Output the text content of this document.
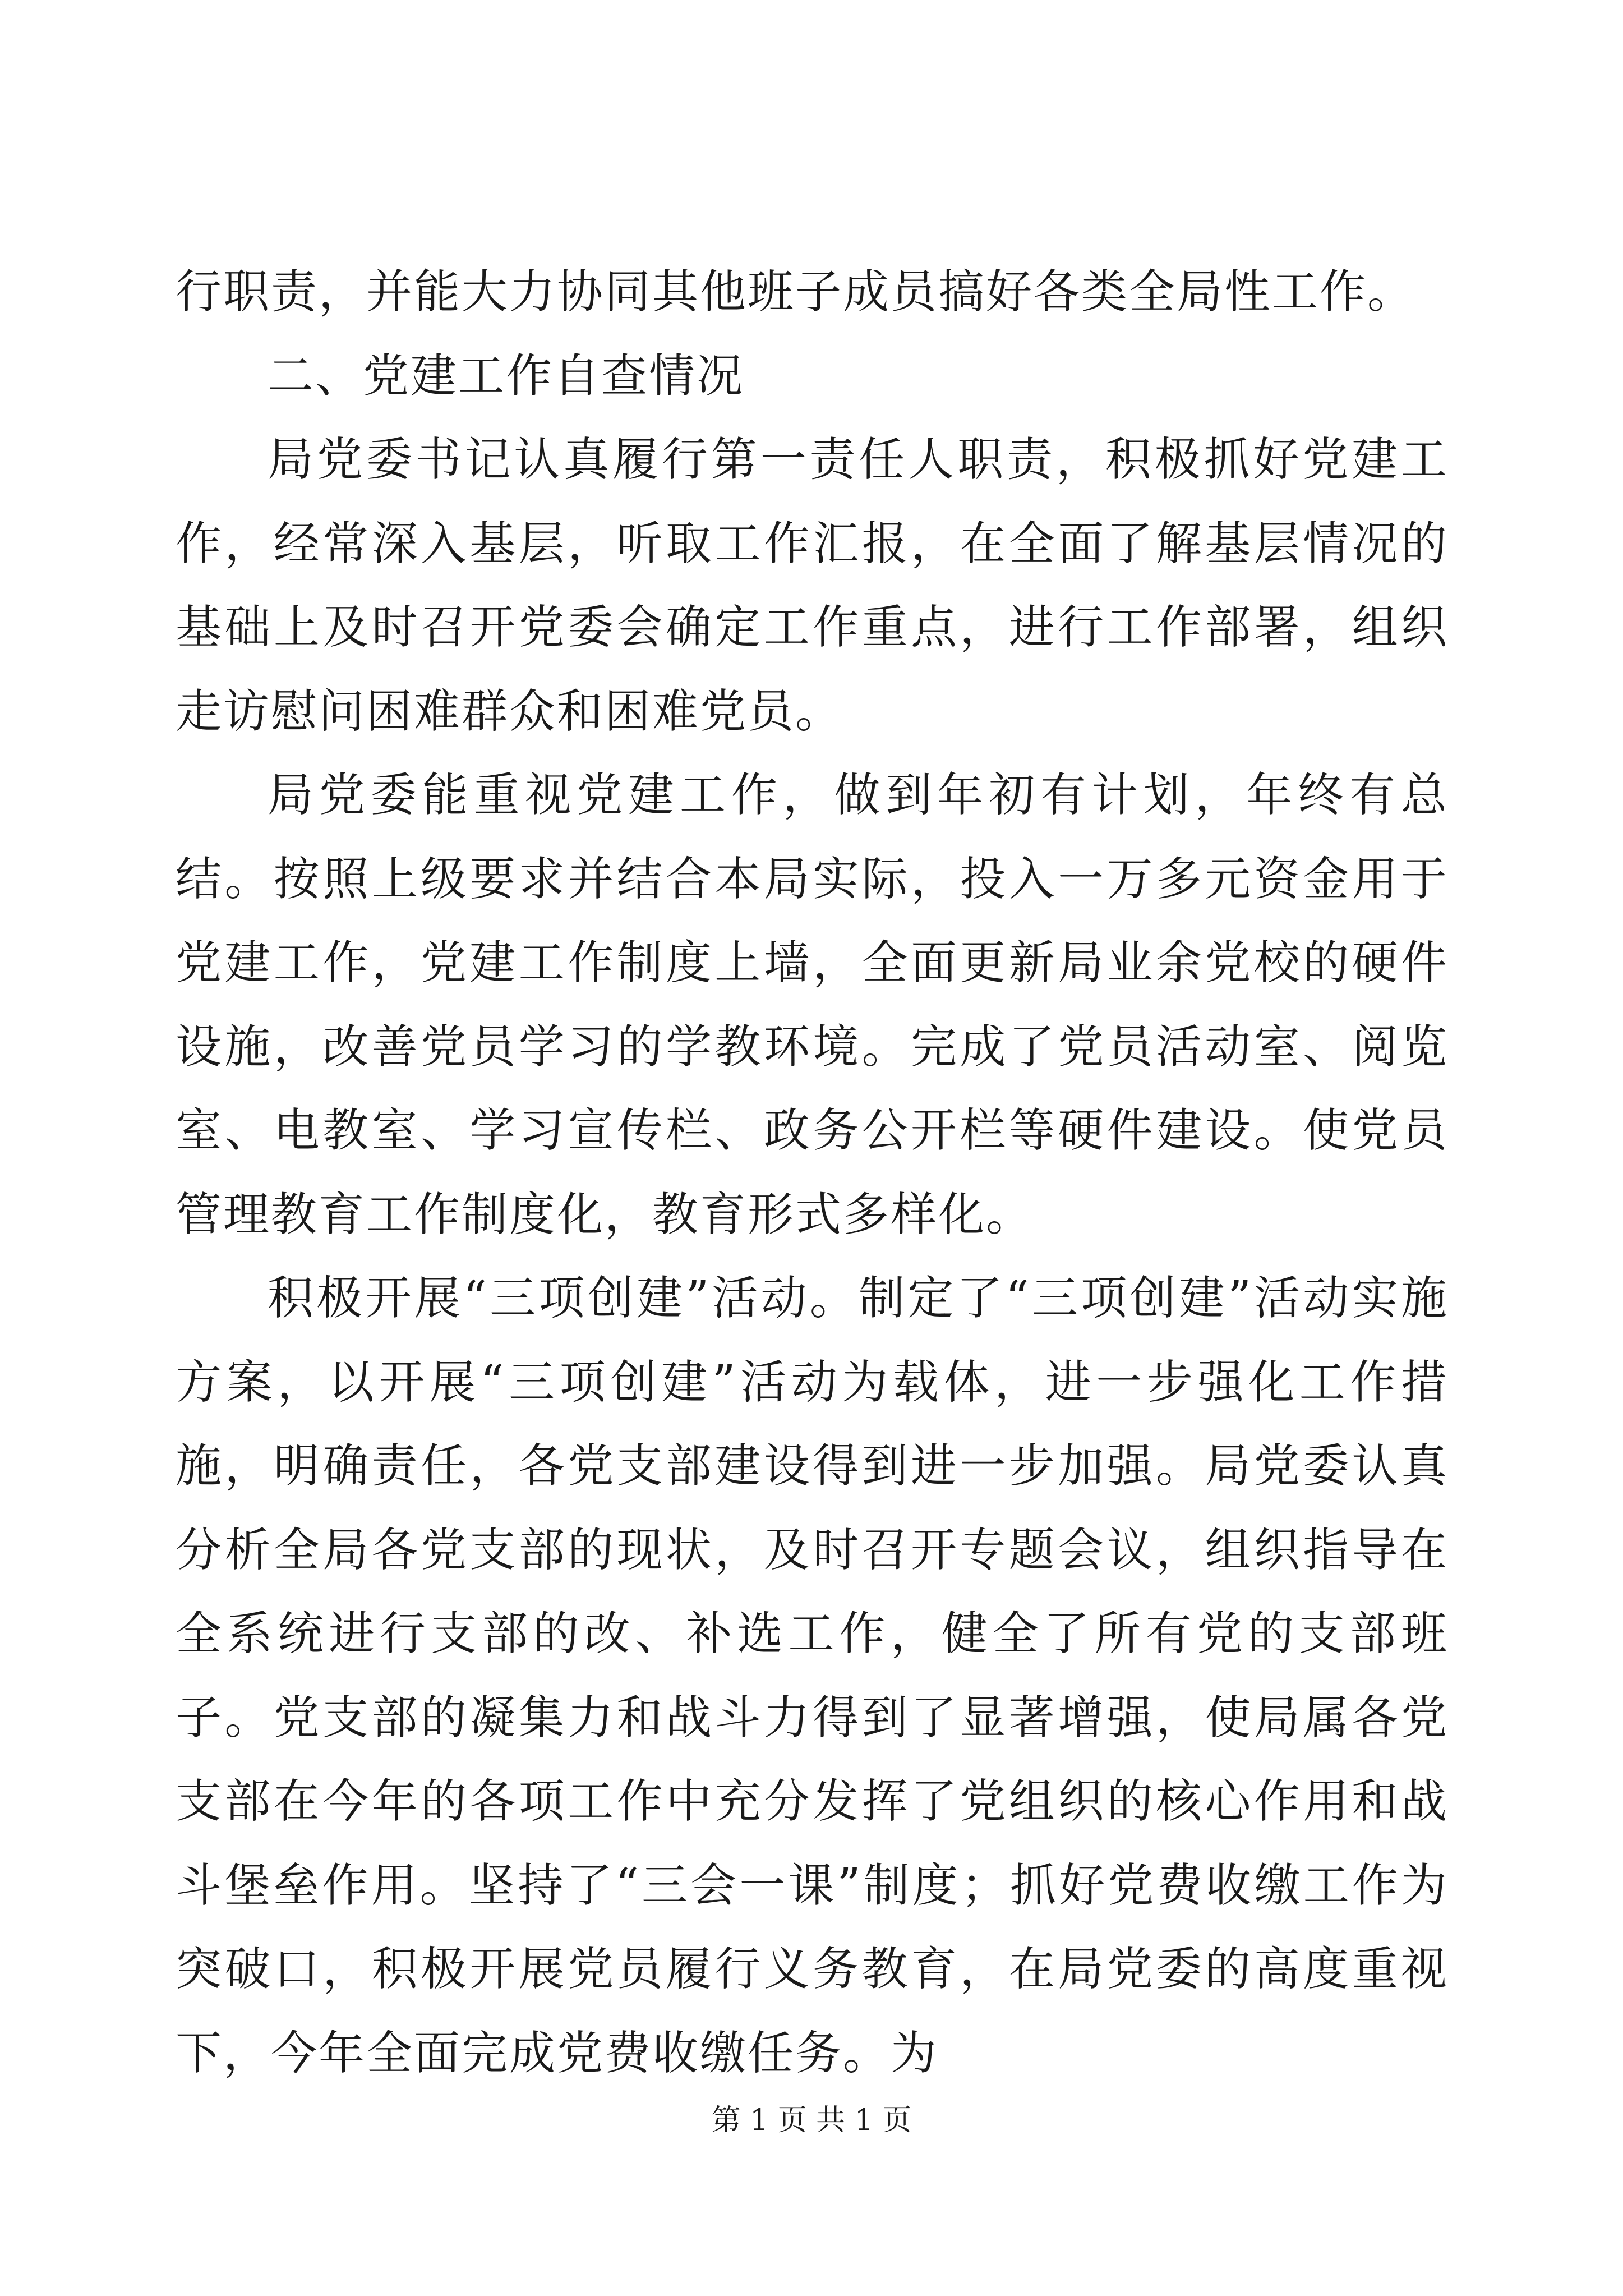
行职责，并能大力协同其他班子成员搞好各类全局性工作。

二、党建工作自查情况

局党委书记认真履行第一责任人职责，积极抓好党建工作，经常深入基层，听取工作汇报，在全面了解基层情况的基础上及时召开党委会确定工作重点，进行工作部署，组织走访慰问困难群众和困难党员。

局党委能重视党建工作，做到年初有计划，年终有总结。按照上级要求并结合本局实际，投入一万多元资金用于党建工作，党建工作制度上墙，全面更新局业余党校的硬件设施，改善党员学习的学教环境。完成了党员活动室、阅览室、电教室、学习宣传栏、政务公开栏等硬件建设。使党员管理教育工作制度化，教育形式多样化。

积极开展“三项创建”活动。制定了“三项创建”活动实施方案，以开展“三项创建”活动为载体，进一步强化工作措施，明确责任，各党支部建设得到进一步加强。局党委认真分析全局各党支部的现状，及时召开专题会议，组织指导在全系统进行支部的改、补选工作，健全了所有党的支部班子。党支部的凝集力和战斗力得到了显著增强，使局属各党支部在今年的各项工作中充分发挥了党组织的核心作用和战斗堡垒作用。坚持了“三会一课”制度；抓好党费收缴工作为突破口，积极开展党员履行义务教育，在局党委的高度重视下，今年全面完成党费收缴任务。为

第 1 页 共 1 页
